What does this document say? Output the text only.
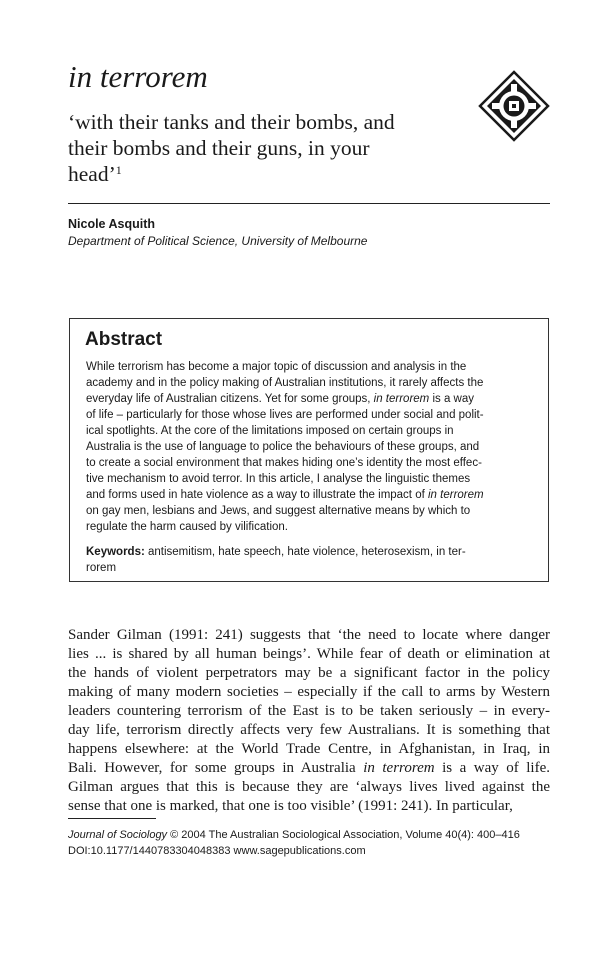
in terrorem
‘with their tanks and their bombs, and
their bombs and their guns, in your
head’$^1$
Nicole Asquith
Department of Political Science, University of Melbourne
Abstract
While terrorism has become a major topic of discussion and analysis in the
academy and in the policy making of Australian institutions, it rarely affects the
everyday life of Australian citizens. Yet for some groups, in terrorem is a way
of life – particularly for those whose lives are performed under social and polit-
ical spotlights. At the core of the limitations imposed on certain groups in
Australia is the use of language to police the behaviours of these groups, and
to create a social environment that makes hiding one’s identity the most effec-
tive mechanism to avoid terror. In this article, I analyse the linguistic themes
and forms used in hate violence as a way to illustrate the impact of in terrorem
on gay men, lesbians and Jews, and suggest alternative means by which to
regulate the harm caused by vilification.
Keywords: antisemitism, hate speech, hate violence, heterosexism, in ter-
rorem
Sander Gilman (1991: 241) suggests that ‘the need to locate where danger
lies ... is shared by all human beings’. While fear of death or elimination at
the hands of violent perpetrators may be a significant factor in the policy
making of many modern societies – especially if the call to arms by Western
leaders countering terrorism of the East is to be taken seriously – in every-
day life, terrorism directly affects very few Australians. It is something that
happens elsewhere: at the World Trade Centre, in Afghanistan, in Iraq, in
Bali. However, for some groups in Australia in terrorem is a way of life.
Gilman argues that this is because they are ‘always lives lived against the
sense that one is marked, that one is too visible’ (1991: 241). In particular,
Journal of Sociology © 2004 The Australian Sociological Association, Volume 40(4): 400–416
DOI:10.1177/1440783304048383 www.sagepublications.com
